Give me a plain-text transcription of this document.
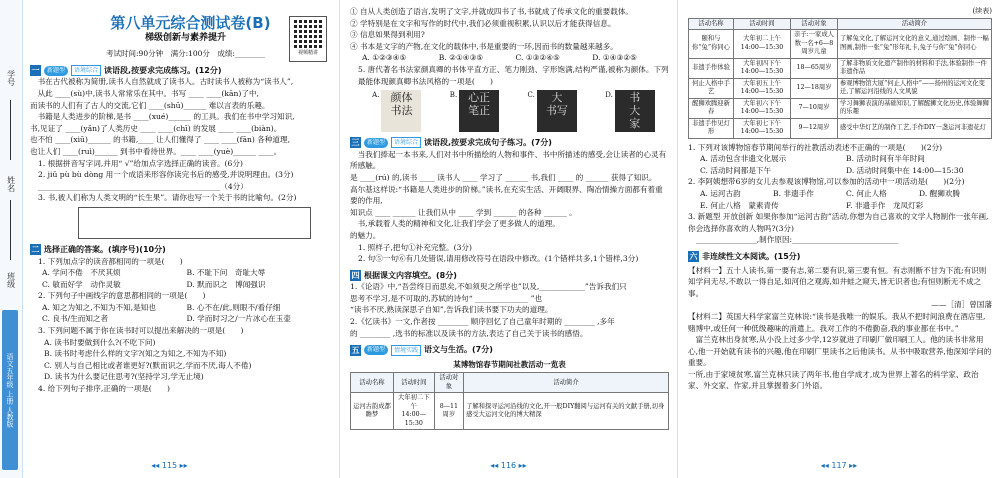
学号
姓名
班级
语文五年级 上册 人教版
第八单元综合测试卷(B)
梯级创新与素养提升
考试时间:90分钟　满分:100分　成绩:________	视频精讲
一	新题型	语境综合 读语段,按要求完成练习。(12分)

　书在古代被称为简册,读书人自然就成了读书人。古时读书人被称为“读书人”,

　从此 ____(sù)中,读书人常常乐在其中。书写 ____ ____(kān)了中,

而读书的人们有了古人的交流,它们 ____(shū)______ 难以言表的乐趣。

　书籍是人类进步的阶梯,是书 ____(xué)______ 的工具。我们在书中学习知识,

书,见证了 ____(yǎn)了人类历史 ____ ____(chī) 的发展 ____ ____(biàn)。

也不怕 ____(xiū)______ 的书籍,____ 让人们懂得了 ____ ____(fān) 各种道理,

也让人们 ____(ruì)______ 到书中看待世界。____ ____(yuè)______ ____。

1. 根据拼音写字词,并用“ √”给加点字选择正确的读音。(6分)

2. jiǔ pù bù dòng 用一个成语来形容你读完书后的感受,并说明理由。(3分)

________________________________________________（4分）

3. 书,被人们称为人类文明的“长生果”。请你也写一个关于书的比喻句。(2分)

二 选择正确的答案。(填序号)(10分)

1. 下列加点字的读音都相同的一项是(　　)

A. 学问不倦　不厌其烦	B. 不耻下问　奇耻大辱
C. 敏而好学　动作灵敏	D. 默而识之　博闻强识

2. 下列句子中画线字的意思都相同的一项是(　　)

A. 知之为知之,不知为不知,是知也	B. 心不在/此,则眼不/看仔细
C. 良书/生而知之者	D. 学而时习之/一片冰心在玉壶

3. 下列问题不属于你在读书时可以提出来解决的一项是(　　)

A. 读书时要做到什么?(不吃下问)

B. 读书时考虑什么样的文字?(知之为知之,不知为不知)

C. 别人与自己相比或者谁更好?(默而识之,学而不厌,诲人不倦)

D. 读书为什么要记住思考?(坚持学习,学无止境)

4. 给下列句子排序,正确的一项是(　　)

◂◂ 115 ▸▸

① 自从人类创造了语言,发明了文字,并就成四书了书,书就成了传承文化的重要载体。

② 学特别是在文字和写作的时代中,我们必须重视积累,认识以后才能获得信息。

③ 信息如果得到利用?

④ 书本是文字的产物,在文化的载体中,书是重要的一环,因而书的数量越来越多。

A. ①②③④⑤	B. ②①④③⑤	C. ①③②④⑤	D. ①④③②⑤

5. 唐代著名书法家颜真卿的书体平直方正、笔力刚劲、字形饱满,结构严谨,被称为颜体。下列最能体现颜真卿书法风格的一项是(　　)

A.	颜体
书法
B.	心正
笔正
C.	大
书写
D.	书
大
家
三	新题型	语境综合 读语段,按要求完成句子练习。(7分)

　当我们捧起一本书来,人们对书中所描绘的人物和事件、书中所描述的感受,会让读者的心灵有所感触。

是 ____(rú) 的,读书 ____ 读书人 ____ 学习了 ______ 书,我们 ____ 的 ______ 获得了知识。

高尔基这样说:“书籍是人类进步的阶梯。”读书,在充实生活、开阔眼界、陶冶情操方面都有着重要的作用,

知识点 ____ ______ 让我们从中 ____ 学到 ______ 的各种 ______ 。

　书,承载着人类的精神和文化,让我们学会了更多做人的道理。

的魅力。

1. 照样子,把句①补充完整。(3分)

2. 句⑤一句⑥有几处错误,请用修改符号在语段中修改。(1个错样共多,1个错样,3分)

四 根据课文内容填空。(8分)

1.《论语》中,“吾尝终日而思矣,不如须臾之所学也”以及,____________”告诉我们只

思考不学习,是不可取的,苏轼的诗句“ ______________ ”也

“读书不厌,熟读深思子自知”,告诉我们读书要下功夫的道理。

2.《忆读书》一文,作者按 ________ 顺序回忆了自己童年时期的 ________ ,多年

的 ________ ,选书的标准以及读书的方法,表达了自己关于读书的感悟。

五	新题型	情境实践 语文与生活。(7分)
某博物馆春节期间社教活动一览表
活动名称	活动时间	活动对象	活动简介
运河古韵成都瞻梦	大年初二下午
14:00—15:30	8—11周岁	了解和探寻运河沿线的文化,开一般DIY翻阅与运河有关的文献手册,切身感受大运河文化的博大精深
◂◂ 116 ▸▸
(续表)
活动名称	活动时间	活动对象	活动简介
颐和与你“兔”你同心	大年初二上午
14:00—15:30	亲子:一家成人数一名+6—8周岁儿童	了解兔文化,了解运河文化的意义,通过绘画、制作一幅图画,制作一张“兔”形年礼卡,兔子与你“兔”你同心
非遗手作体验	大年初四下午
14:00—15:30	18—65周岁	了解非物质文化遗产制作的材料和手法,体验制作一件非遗作品
何止人格中手艺	大年初五上午
14:00—15:30	12—18周岁	参观博物馆大厦“何止人格中”——扬州的运河文化变迁,了解运河沿线的人文风貌
醒狮欢腾迎新春	大年初六下午
14:00—15:30	7—10周岁	学习舞狮表演的基础知识,了解醒狮文化历史,体验舞狮的乐趣
非遗手作见灯形	大年初七下午
14:00—15:30	9—12周岁	感受中华灯艺的制作工艺,手作DIY一盏运河非遗花灯

1. 下列对该博物馆春节期间举行的社教活动表述不正确的一项是(　　)(2分)

A. 活动包含非遗文化展示	B. 活动时间有半年时间
C. 活动时间都是下午	D. 活动时间集中在 14:00—15:30

2. 李阿姨想带6岁的女儿去参观该博物馆,可以参加的活动中一项活动是(　　)(2分)

A. 运河古韵	B. 非遗手作	C. 何止人格	D. 醒狮欢腾
E. 何止八格　蒙素青传	F. 非遗手作　龙凤灯彩

3. 新题型 开放创新 如果你参加“运河古韵”活动,你想为自己喜欢的文学人物制作一张年画,你会选择你喜欢的人物吗?(3分)

________________,制作原因:____________________________

六 非连续性文本阅读。(15分)

【材料一】五十人读书,第一要有志,第二要有识,第三要有恒。有志则断不甘为下流;有识则知学问无尽,不敢以一得自足,如河伯之观海,如井蛙之窥天,皆无识者也;有恒则断无不成之事。

——［清］曾国藩

【材料二】英国大科学家富兰克林说:“读书是我唯一的娱乐。我从不把时间浪费在酒店里,赌博中,或任何一种低级趣味的消遣上。我对工作的不倦勤奋,我的事业都在书中。”

　富兰克林出身贫寒,从小没上过多少学,12岁就进了印刷厂做印刷工人。他的读书非常用心,他一开始就有读书的兴趣,他在印刷厂里读书之后他读书。从书中吸取营养,他深知学问的重要。

一所,由于家境贫寒,富兰克林只读了两年书,他自学成才,成为世界上著名的科学家、政治家、外交家、作家,并且掌握着多门外语。

◂◂ 117 ▸▸
